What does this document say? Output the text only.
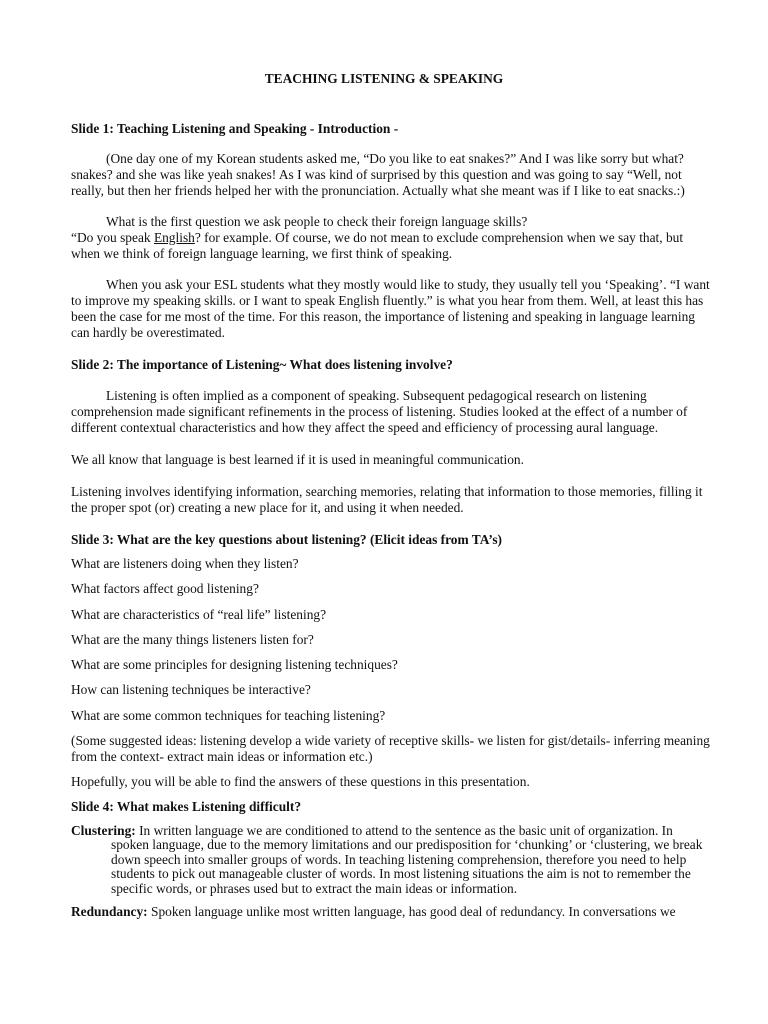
TEACHING LISTENING & SPEAKING
Slide 1: Teaching Listening and Speaking - Introduction -
(One day one of my Korean students asked me, “Do you like to eat snakes?” And I was like sorry but what? snakes? and she was like yeah snakes! As I was kind of surprised by this question and was going to say “Well, not really, but then her friends helped her with the pronunciation. Actually what she meant was if I like to eat snacks.:)
What is the first question we ask people to check their foreign language skills?
“Do you speak English? for example. Of course, we do not mean to exclude comprehension when we say that, but when we think of foreign language learning, we first think of speaking.
When you ask your ESL students what they mostly would like to study, they usually tell you ‘Speaking’. “I want to improve my speaking skills. or I want to speak English fluently.” is what you hear from them. Well, at least this has been the case for me most of the time. For this reason, the importance of listening and speaking in language learning can hardly be overestimated.
Slide 2: The importance of Listening~ What does listening involve?
Listening is often implied as a component of speaking. Subsequent pedagogical research on listening comprehension made significant refinements in the process of listening. Studies looked at the effect of a number of different contextual characteristics and how they affect the speed and efficiency of processing aural language.
We all know that language is best learned if it is used in meaningful communication.
Listening involves identifying information, searching memories, relating that information to those memories, filling it the proper spot (or) creating a new place for it, and using it when needed.
Slide 3: What are the key questions about listening? (Elicit ideas from TA’s)
What are listeners doing when they listen?
What factors affect good listening?
What are characteristics of “real life” listening?
What are the many things listeners listen for?
What are some principles for designing listening techniques?
How can listening techniques be interactive?
What are some common techniques for teaching listening?
(Some suggested ideas: listening develop a wide variety of receptive skills- we listen for gist/details- inferring meaning from the context- extract main ideas or information etc.)
Hopefully, you will be able to find the answers of these questions in this presentation.
Slide 4: What makes Listening difficult?
Clustering: In written language we are conditioned to attend to the sentence as the basic unit of organization. In
spoken language, due to the memory limitations and our predisposition for ‘chunking’ or ‘clustering, we break down speech into smaller groups of words. In teaching listening comprehension, therefore you need to help students to pick out manageable cluster of words. In most listening situations the aim is not to remember the specific words, or phrases used but to extract the main ideas or information.
Redundancy: Spoken language unlike most written language, has good deal of redundancy. In conversations we
